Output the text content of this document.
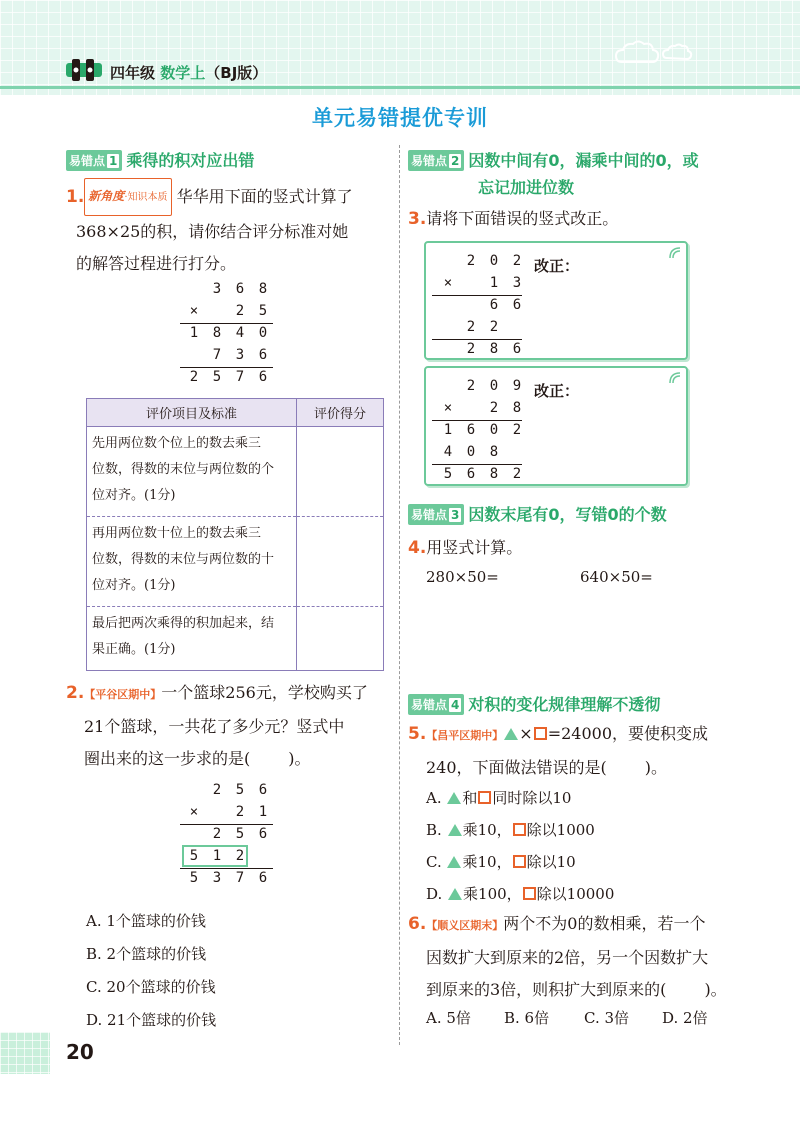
四年级 数学上（BJ版）
单元易错提优专训
易错点 1 乘得的积对应出错
1. 新角度·知识本质 华华用下面的竖式计算了
368×25的积，请你结合评分标准对她
的解答过程进行打分。
3	6	8
×	2	5
1	8	4	0
7	3	6
2	5	7	6
评价项目及标准	评价得分

先用两位数个位上的数去乘三
位数，得数的末位与两位数的个
位对齐。(1分)	

再用两位数十位上的数去乘三
位数，得数的末位与两位数的十
位对齐。(1分)	

最后把两次乘得的积加起来，结
果正确。(1分)	

2.【平谷区期中】一个篮球256元，学校购买了
21个篮球，一共花了多少元？竖式中
圈出来的这一步求的是( )。
2	5	6
×	2	1
2	5	6
5	1	2
5	3	7	6
A. 1个篮球的价钱
B. 2个篮球的价钱
C. 20个篮球的价钱
D. 21个篮球的价钱
易错点 2 因数中间有0，漏乘中间的0，或
忘记加进位数
3.请将下面错误的竖式改正。
2	0	2
×	1	3
6	6
2	2
2	8	6
改正：
2	0	9
×	2	8
1	6	0	2
4	0	8
5	6	8	2
改正：
易错点 3 因数末尾有0，写错0的个数
4.用竖式计算。
280×50=	640×50=
易错点 4 对积的变化规律理解不透彻
5.【昌平区期中】 × =24000，要使积变成
240，下面做法错误的是( )。
A. 和 同时除以10
B. 乘10， 除以1000
C. 乘10， 除以10
D. 乘100， 除以10000
6.【顺义区期末】两个不为0的数相乘，若一个
因数扩大到原来的2倍，另一个因数扩大
到原来的3倍，则积扩大到原来的( )。
A. 5倍 B. 6倍 C. 3倍 D. 2倍
20
